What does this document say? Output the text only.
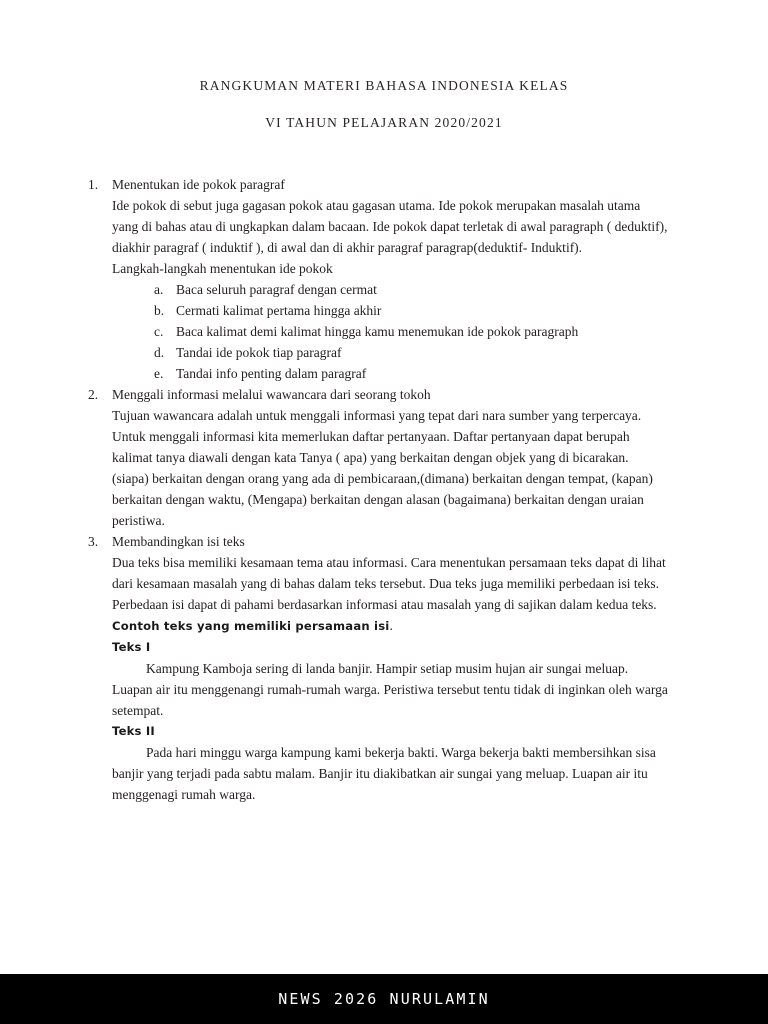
RANGKUMAN MATERI BAHASA INDONESIA KELAS
VI TAHUN PELAJARAN 2020/2021
1. Menentukan ide pokok paragraf
Ide pokok di sebut juga gagasan pokok atau gagasan utama. Ide pokok merupakan masalah utama yang di bahas atau di ungkapkan dalam bacaan. Ide pokok dapat terletak di awal paragraph ( deduktif), diakhir paragraf ( induktif ), di awal dan di akhir paragraf paragrap(deduktif- Induktif).
Langkah-langkah menentukan ide pokok
a. Baca seluruh paragraf dengan cermat
b. Cermati kalimat pertama hingga akhir
c. Baca kalimat demi kalimat hingga kamu menemukan ide pokok paragraph
d. Tandai ide pokok tiap paragraf
e. Tandai info penting dalam paragraf
2. Menggali informasi melalui wawancara dari seorang tokoh
Tujuan wawancara adalah untuk menggali informasi yang tepat dari nara sumber yang terpercaya. Untuk menggali informasi kita memerlukan daftar pertanyaan. Daftar pertanyaan dapat berupah kalimat tanya diawali dengan kata Tanya ( apa) yang berkaitan dengan objek yang di bicarakan. (siapa) berkaitan dengan orang yang ada di pembicaraan,(dimana) berkaitan dengan tempat, (kapan) berkaitan dengan waktu, (Mengapa) berkaitan dengan alasan (bagaimana) berkaitan dengan uraian peristiwa.
3. Membandingkan isi teks
Dua teks bisa memiliki kesamaan tema atau informasi. Cara menentukan persamaan teks dapat di lihat dari kesamaan masalah yang di bahas dalam teks tersebut. Dua teks juga memiliki perbedaan isi teks. Perbedaan isi dapat di pahami berdasarkan informasi atau masalah yang di sajikan dalam kedua teks.
Contoh teks yang memiliki persamaan isi.
Teks I
Kampung Kamboja sering di landa banjir. Hampir setiap musim hujan air sungai meluap. Luapan air itu menggenangi rumah-rumah warga. Peristiwa tersebut tentu tidak di inginkan oleh warga setempat.
Teks II
Pada hari minggu warga kampung kami bekerja bakti. Warga bekerja bakti membersihkan sisa banjir yang terjadi pada sabtu malam. Banjir itu diakibatkan air sungai yang meluap. Luapan air itu menggenagi rumah warga.
NEWS 2026 NURULAMIN
